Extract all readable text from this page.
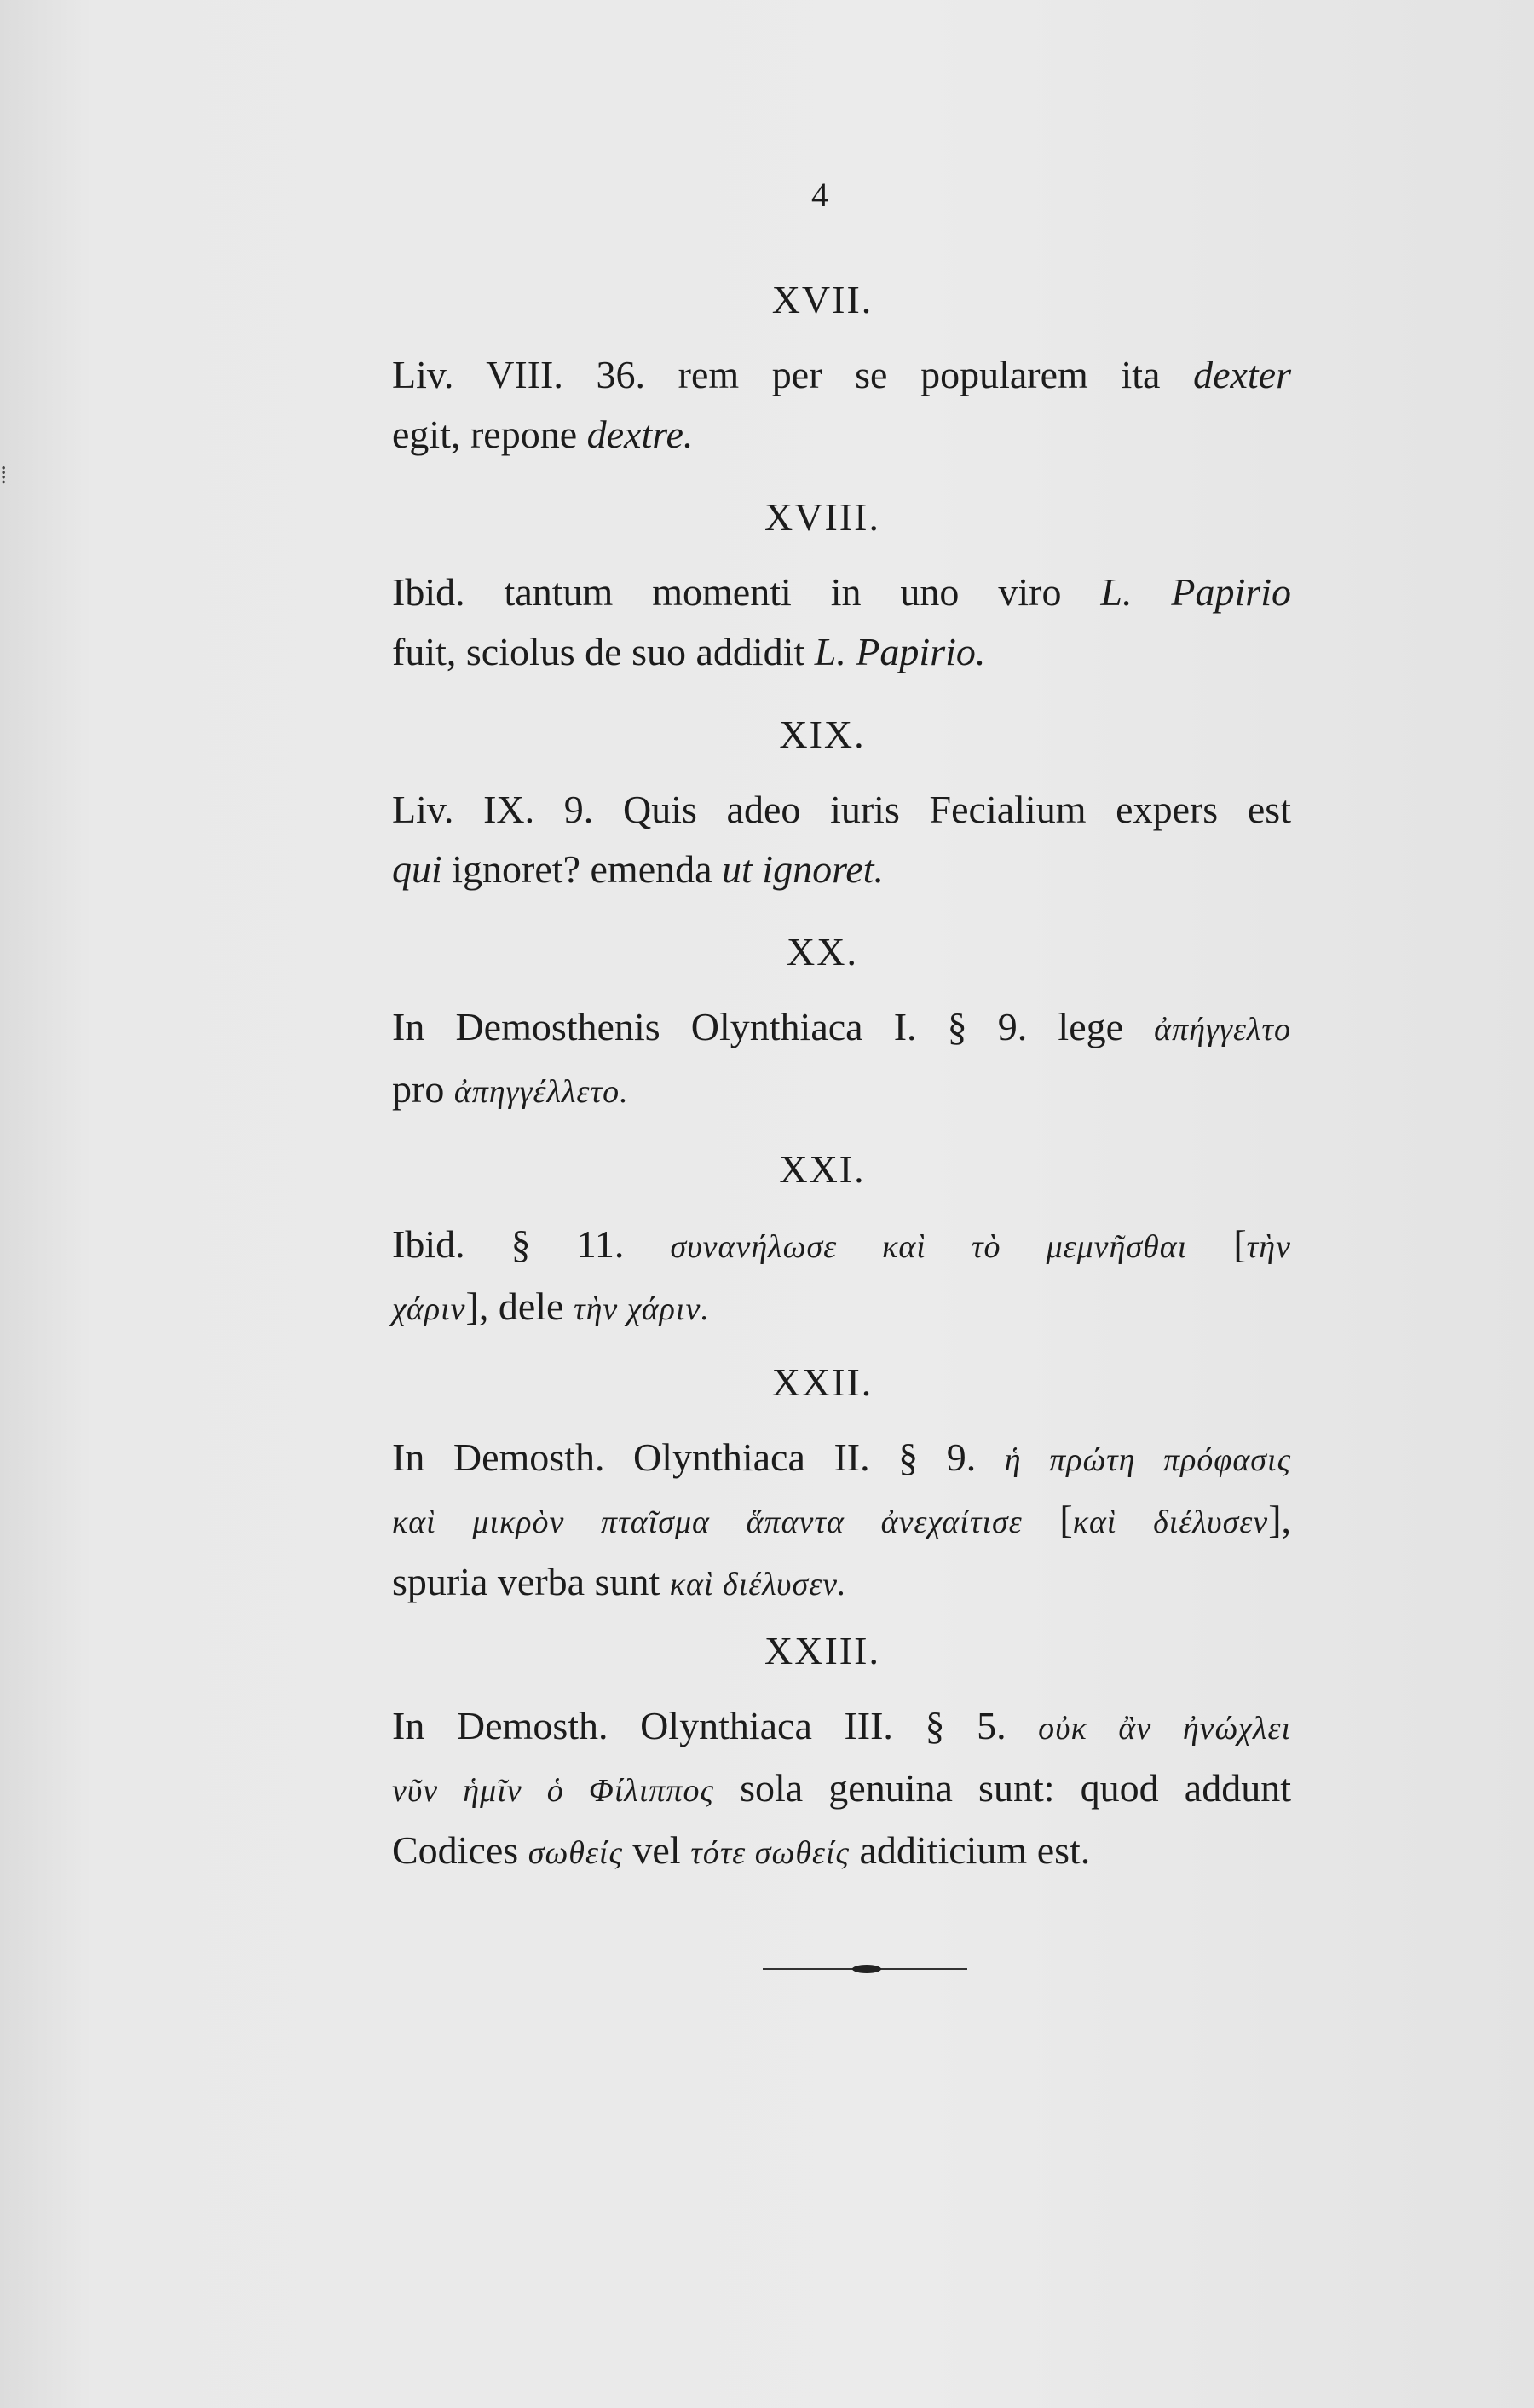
⁞
4
XVII.
Liv. VIII. 36. rem per se popularem ita dexter
egit, repone dextre.
XVIII.
Ibid. tantum momenti in uno viro L. Papirio
fuit, sciolus de suo addidit L. Papirio.
XIX.
Liv. IX. 9. Quis adeo iuris Fecialium expers est
qui ignoret? emenda ut ignoret.
XX.
In Demosthenis Olynthiaca I. § 9. lege ἀπήγγελτο
pro ἀπηγγέλλετο.
XXI.
Ibid. § 11. συναvήλωσε καὶ τὸ μεμvῆσθαι [τὴν
χάριν], dele τὴν χάριν.
XXII.
In Demosth. Olynthiaca II. § 9. ἡ πρώτη πρόφασις
καὶ μικρὸν πταῖσμα ἅπαντα ἀνεχαίτισε [καὶ διέλυσεν],
spuria verba sunt καὶ διέλυσεν.
XXIII.
In Demosth. Olynthiaca III. § 5. οὐκ ἂν ἠνώχλει
νῦν ἡμῖν ὁ Φίλιππος sola genuina sunt: quod addunt
Codices σωθείς vel τότε σωθείς additicium est.
